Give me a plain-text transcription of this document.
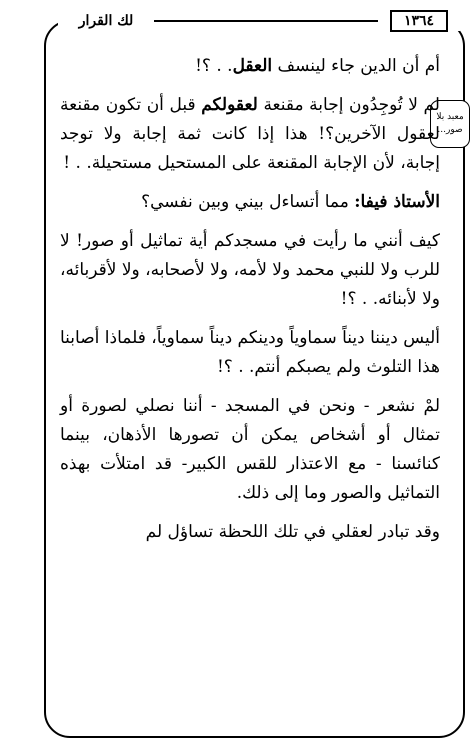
١٣٦٤
لك القرار
معبد بلا
صور...

أم أن الدين جاء لينسف العقل. . ؟!

لم لا تُوجِدُون إجابة مقنعة لعقولكم قبل أن تكون مقنعة لعقول الآخرين؟! هذا إذا كانت ثمة إجابة ولا توجد إجابة، لأن الإجابة المقنعة على المستحيل مستحيلة. . !

الأستاذ فيفا: مما أتساءل بيني وبين نفسي؟

كيف أنني ما رأيت في مسجدكم أية تماثيل أو صور! لا للرب ولا للنبي محمد ولا لأمه، ولا لأصحابه، ولا لأقربائه، ولا لأبنائه. . ؟!

أليس ديننا ديناً سماوياً ودينكم ديناً سماوياً، فلماذا أصابنا هذا التلوث ولم يصبكم أنتم. . ؟!

لمْ نشعر - ونحن في المسجد - أننا نصلي لصورة أو تمثال أو أشخاص يمكن أن تصورها الأذهان، بينما كنائسنا - مع الاعتذار للقس الكبير- قد امتلأت بهذه التماثيل والصور وما إلى ذلك.

وقد تبادر لعقلي في تلك اللحظة تساؤل لم
